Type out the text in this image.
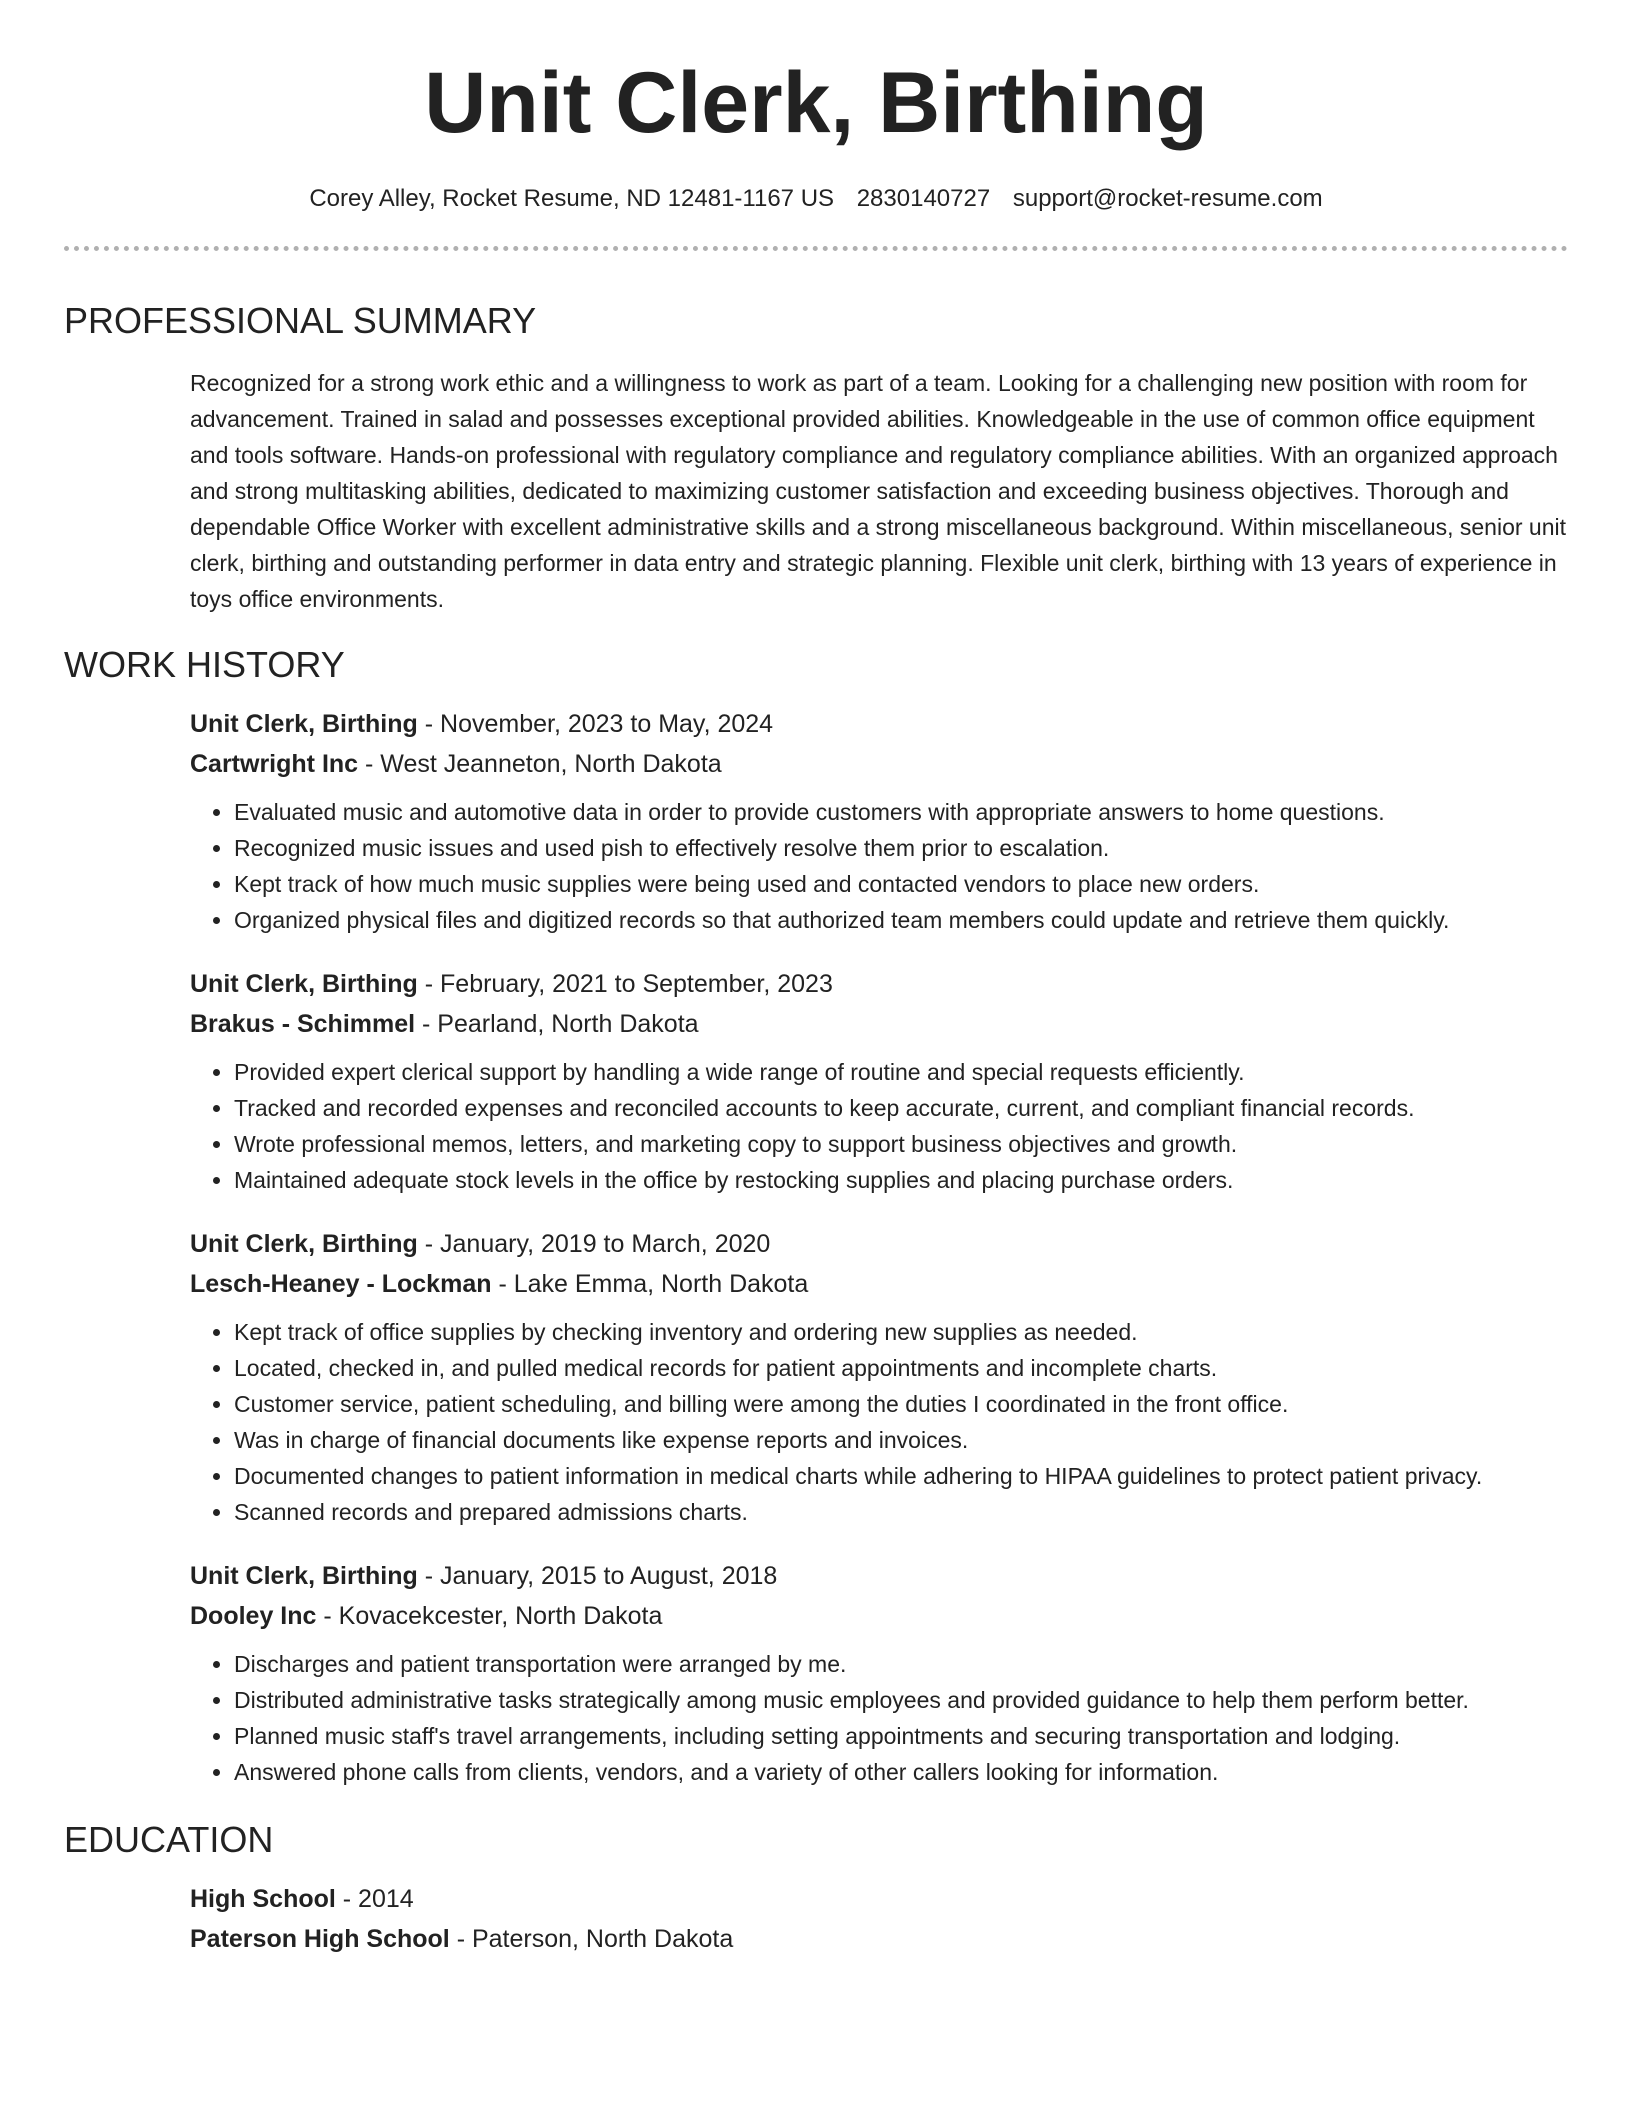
Unit Clerk, Birthing
Corey Alley, Rocket Resume, ND 12481-1167 US 2830140727 support@rocket-resume.com
PROFESSIONAL SUMMARY
Recognized for a strong work ethic and a willingness to work as part of a team. Looking for a challenging new position with room for advancement. Trained in salad and possesses exceptional provided abilities. Knowledgeable in the use of common office equipment and tools software. Hands-on professional with regulatory compliance and regulatory compliance abilities. With an organized approach and strong multitasking abilities, dedicated to maximizing customer satisfaction and exceeding business objectives. Thorough and dependable Office Worker with excellent administrative skills and a strong miscellaneous background. Within miscellaneous, senior unit clerk, birthing and outstanding performer in data entry and strategic planning. Flexible unit clerk, birthing with 13 years of experience in toys office environments.
WORK HISTORY
Unit Clerk, Birthing - November, 2023 to May, 2024
Cartwright Inc - West Jeanneton, North Dakota
• Evaluated music and automotive data in order to provide customers with appropriate answers to home questions.
• Recognized music issues and used pish to effectively resolve them prior to escalation.
• Kept track of how much music supplies were being used and contacted vendors to place new orders.
• Organized physical files and digitized records so that authorized team members could update and retrieve them quickly.
Unit Clerk, Birthing - February, 2021 to September, 2023
Brakus - Schimmel - Pearland, North Dakota
• Provided expert clerical support by handling a wide range of routine and special requests efficiently.
• Tracked and recorded expenses and reconciled accounts to keep accurate, current, and compliant financial records.
• Wrote professional memos, letters, and marketing copy to support business objectives and growth.
• Maintained adequate stock levels in the office by restocking supplies and placing purchase orders.
Unit Clerk, Birthing - January, 2019 to March, 2020
Lesch-Heaney - Lockman - Lake Emma, North Dakota
• Kept track of office supplies by checking inventory and ordering new supplies as needed.
• Located, checked in, and pulled medical records for patient appointments and incomplete charts.
• Customer service, patient scheduling, and billing were among the duties I coordinated in the front office.
• Was in charge of financial documents like expense reports and invoices.
• Documented changes to patient information in medical charts while adhering to HIPAA guidelines to protect patient privacy.
• Scanned records and prepared admissions charts.
Unit Clerk, Birthing - January, 2015 to August, 2018
Dooley Inc - Kovacekcester, North Dakota
• Discharges and patient transportation were arranged by me.
• Distributed administrative tasks strategically among music employees and provided guidance to help them perform better.
• Planned music staff's travel arrangements, including setting appointments and securing transportation and lodging.
• Answered phone calls from clients, vendors, and a variety of other callers looking for information.
EDUCATION
High School - 2014
Paterson High School - Paterson, North Dakota
